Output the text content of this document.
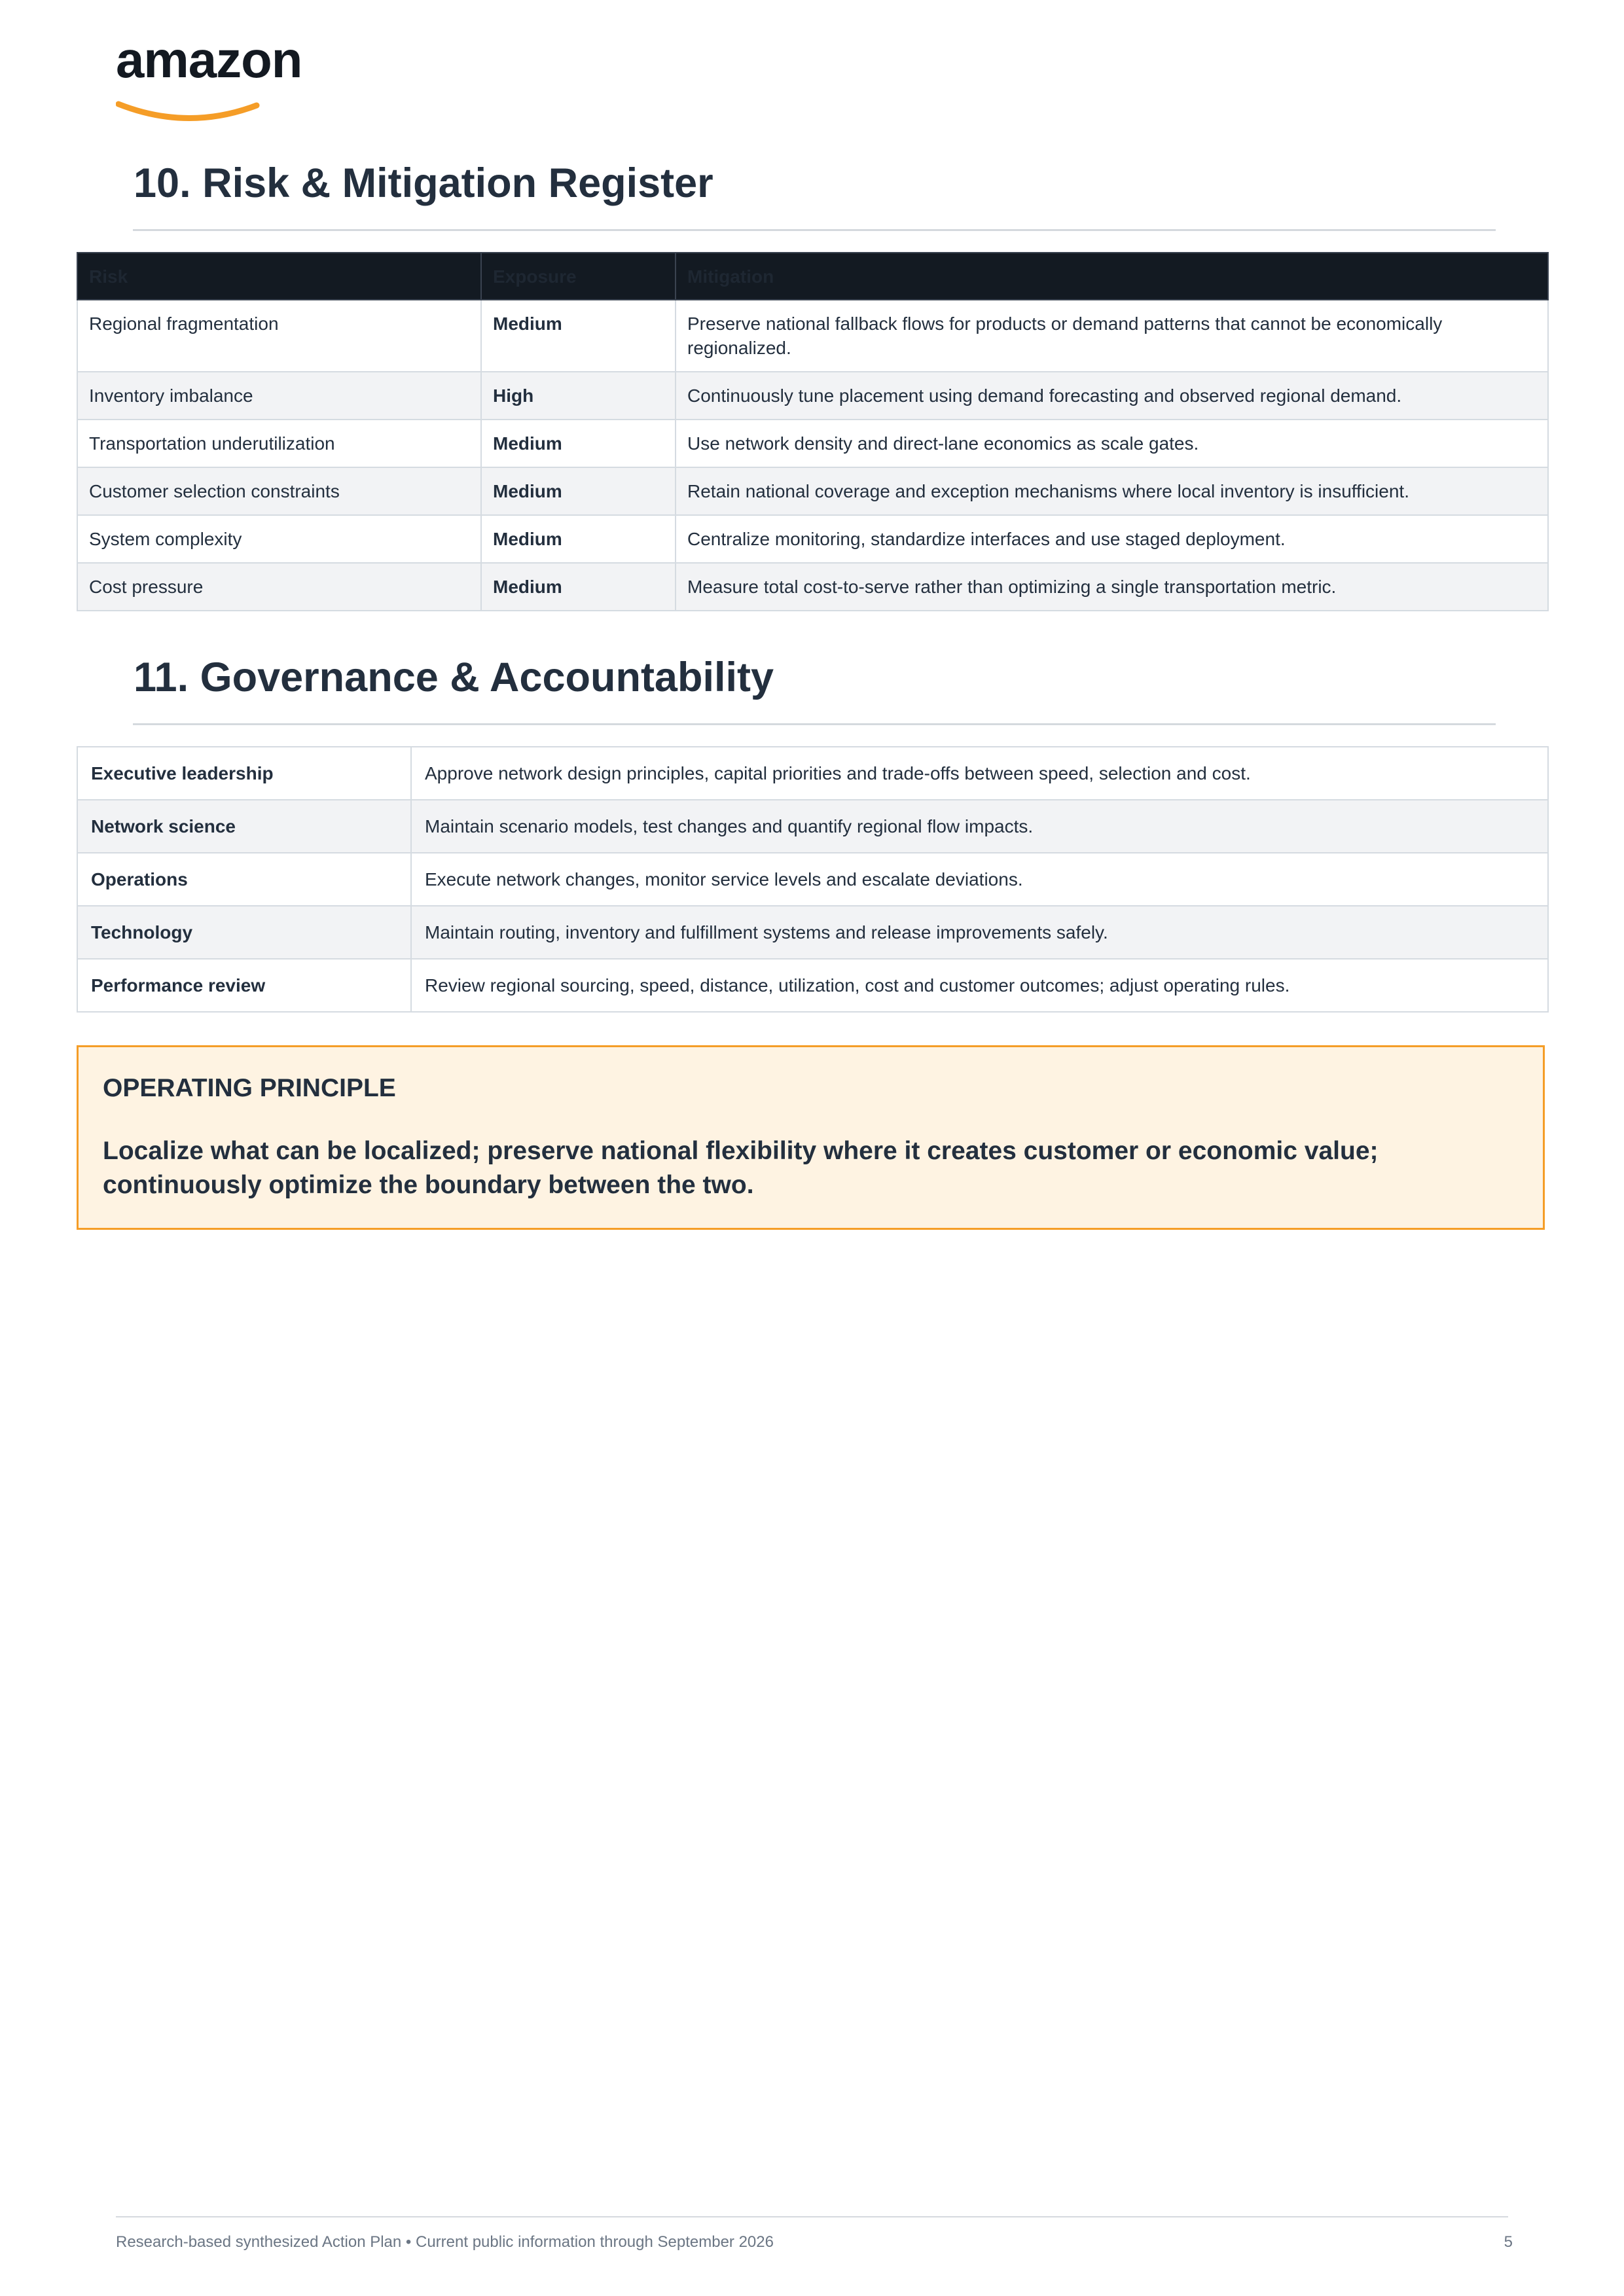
amazon
10. Risk & Mitigation Register
Risk	Exposure	Mitigation
Regional fragmentation	Medium	Preserve national fallback flows for products or demand patterns that cannot be economically regionalized.
Inventory imbalance	High	Continuously tune placement using demand forecasting and observed regional demand.
Transportation underutilization	Medium	Use network density and direct-lane economics as scale gates.
Customer selection constraints	Medium	Retain national coverage and exception mechanisms where local inventory is insufficient.
System complexity	Medium	Centralize monitoring, standardize interfaces and use staged deployment.
Cost pressure	Medium	Measure total cost-to-serve rather than optimizing a single transportation metric.
11. Governance & Accountability
Executive leadership	Approve network design principles, capital priorities and trade-offs between speed, selection and cost.
Network science	Maintain scenario models, test changes and quantify regional flow impacts.
Operations	Execute network changes, monitor service levels and escalate deviations.
Technology	Maintain routing, inventory and fulfillment systems and release improvements safely.
Performance review	Review regional sourcing, speed, distance, utilization, cost and customer outcomes; adjust operating rules.

OPERATING PRINCIPLE

Localize what can be localized; preserve national flexibility where it creates customer or economic value; continuously optimize the boundary between the two.

Research-based synthesized Action Plan • Current public information through September 2026	5
